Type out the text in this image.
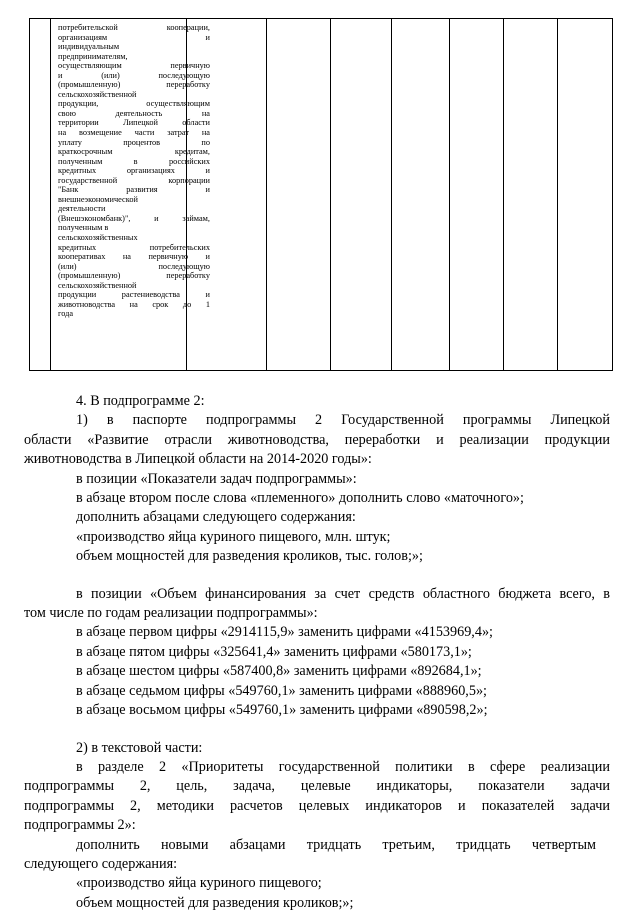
потребительской кооперации,
организациям и
индивидуальным
предпринимателям,
осуществляющим первичную
и (или) последующую
(промышленную) переработку
сельскохозяйственной
продукции, осуществляющим
свою деятельность на
территории Липецкой области
на возмещение части затрат на
уплату процентов по
краткосрочным кредитам,
полученным в российских
кредитных организациях и
государственной корпорации
"Банк развития и
внешнеэкономической
деятельности
(Внешэкономбанк)", и займам,
полученным в
сельскохозяйственных
кредитных потребительских
кооперативах на первичную и
(или) последующую
(промышленную) переработку
сельскохозяйственной
продукции растениеводства и
животноводства на срок до 1
года
4. В подпрограмме 2:
1) в паспорте подпрограммы 2 Государственной программы Липецкой
области «Развитие отрасли животноводства, переработки и реализации продукции
животноводства в Липецкой области на 2014-2020 годы»:
в позиции «Показатели задач подпрограммы»:
в абзаце втором после слова «племенного» дополнить слово «маточного»;
дополнить абзацами следующего содержания:
«производство яйца куриного пищевого, млн. штук;
объем мощностей для разведения кроликов, тыс. голов;»;
в позиции «Объем финансирования за счет средств областного бюджета всего, в
том числе по годам реализации подпрограммы»:
в абзаце первом цифры «2914115,9» заменить цифрами «4153969,4»;
в абзаце пятом цифры «325641,4» заменить цифрами «580173,1»;
в абзаце шестом цифры «587400,8» заменить цифрами «892684,1»;
в абзаце седьмом цифры «549760,1» заменить цифрами «888960,5»;
в абзаце восьмом цифры «549760,1» заменить цифрами «890598,2»;
2) в текстовой части:
в разделе 2 «Приоритеты государственной политики в сфере реализации
подпрограммы 2, цель, задача, целевые индикаторы, показатели задачи
подпрограммы 2, методики расчетов целевых индикаторов и показателей задачи
подпрограммы 2»:
дополнить новыми абзацами тридцать третьим, тридцать четвертым
следующего содержания:
«производство яйца куриного пищевого;
объем мощностей для разведения кроликов;»;
